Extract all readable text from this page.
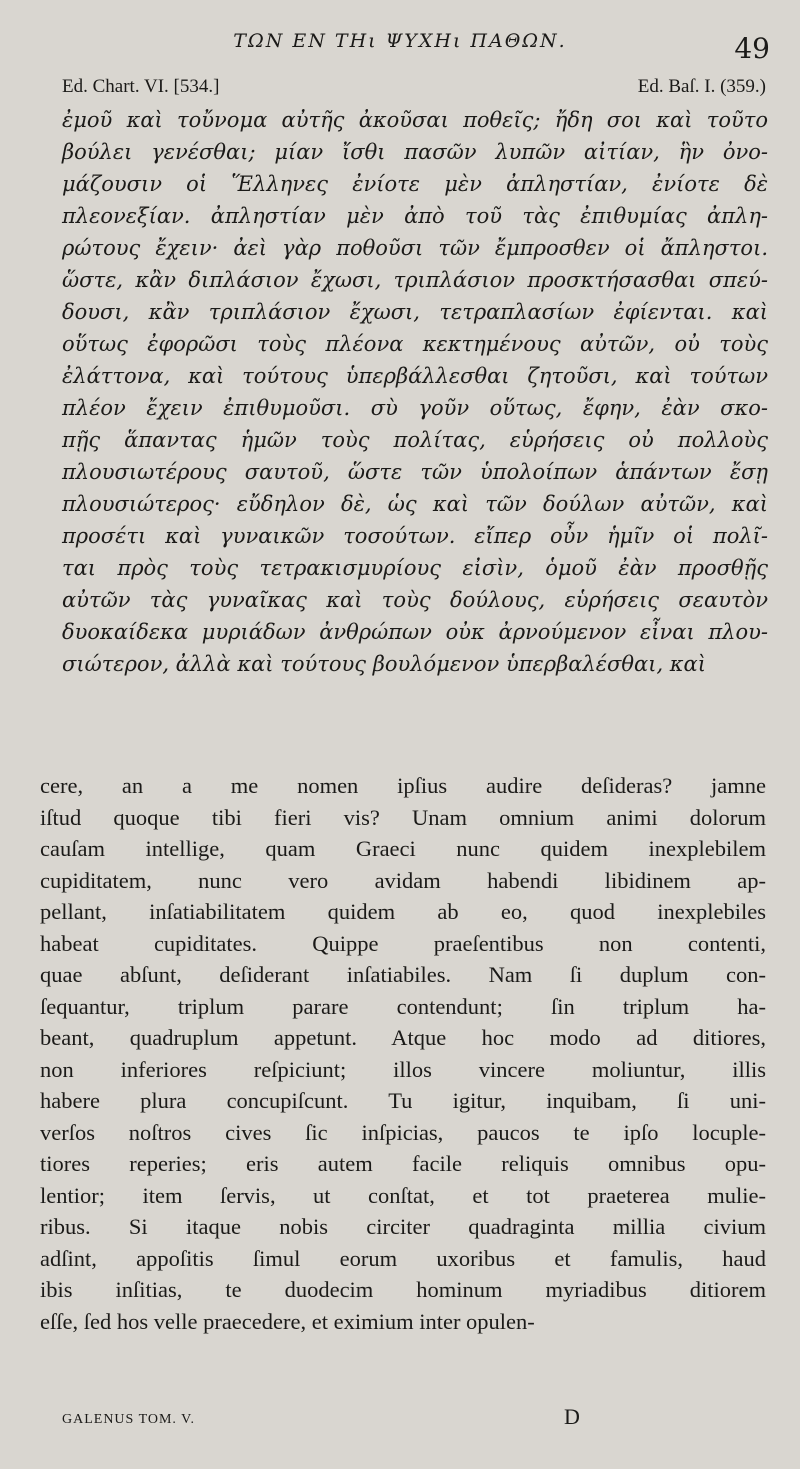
ΤΩΝ ΕΝ ΤΗι ΨΥΧΗι ΠΑΘΩΝ.	49
Ed. Chart. VI. [534.]	Ed. Baſ. I. (359.)
ἐμοῦ καὶ τοὔνομα αὐτῆς ἀκοῦσαι ποθεῖς; ἤδη σοι καὶ τοῦτο
βούλει γενέσθαι; μίαν ἴσθι πασῶν λυπῶν αἰτίαν, ἣν ὀνο-
μάζουσιν οἱ Ἕλληνες ἐνίοτε μὲν ἀπληστίαν, ἐνίοτε δὲ
πλεονεξίαν. ἀπληστίαν μὲν ἀπὸ τοῦ τὰς ἐπιθυμίας ἀπλη-
ρώτους ἔχειν· ἀεὶ γὰρ ποθοῦσι τῶν ἔμπροσθεν οἱ ἄπληστοι.
ὥστε, κἂν διπλάσιον ἔχωσι, τριπλάσιον προσκτήσασθαι σπεύ-
δουσι, κἂν τριπλάσιον ἔχωσι, τετραπλασίων ἐφίενται. καὶ
οὕτως ἐφορῶσι τοὺς πλέονα κεκτημένους αὐτῶν, οὐ τοὺς
ἐλάττονα, καὶ τούτους ὑπερβάλλεσθαι ζητοῦσι, καὶ τούτων
πλέον ἔχειν ἐπιθυμοῦσι. σὺ γοῦν οὕτως, ἔφην, ἐὰν σκο-
πῇς ἅπαντας ἡμῶν τοὺς πολίτας, εὑρήσεις οὐ πολλοὺς
πλουσιωτέρους σαυτοῦ, ὥστε τῶν ὑπολοίπων ἁπάντων ἔσῃ
πλουσιώτερος· εὔδηλον δὲ, ὡς καὶ τῶν δούλων αὐτῶν, καὶ
προσέτι καὶ γυναικῶν τοσούτων. εἴπερ οὖν ἡμῖν οἱ πολῖ-
ται πρὸς τοὺς τετρακισμυρίους εἰσὶν, ὁμοῦ ἐὰν προσθῇς
αὐτῶν τὰς γυναῖκας καὶ τοὺς δούλους, εὑρήσεις σεαυτὸν
δυοκαίδεκα μυριάδων ἀνθρώπων οὐκ ἀρνούμενον εἶναι πλου-
σιώτερον, ἀλλὰ καὶ τούτους βουλόμενον ὑπερβαλέσθαι, καὶ
cere, an a me nomen ipſius audire deſideras? jamne
iſtud quoque tibi fieri vis? Unam omnium animi dolorum
cauſam intellige, quam Graeci nunc quidem inexplebilem
cupiditatem, nunc vero avidam habendi libidinem ap-
pellant, inſatiabilitatem quidem ab eo, quod inexplebiles
habeat cupiditates. Quippe praeſentibus non contenti,
quae abſunt, deſiderant inſatiabiles. Nam ſi duplum con-
ſequantur, triplum parare contendunt; ſin triplum ha-
beant, quadruplum appetunt. Atque hoc modo ad ditiores,
non inferiores reſpiciunt; illos vincere moliuntur, illis
habere plura concupiſcunt. Tu igitur, inquibam, ſi uni-
verſos noſtros cives ſic inſpicias, paucos te ipſo locuple-
tiores reperies; eris autem facile reliquis omnibus opu-
lentior; item ſervis, ut conſtat, et tot praeterea mulie-
ribus. Si itaque nobis circiter quadraginta millia civium
adſint, appoſitis ſimul eorum uxoribus et famulis, haud
ibis inſitias, te duodecim hominum myriadibus ditiorem
eſſe, ſed hos velle praecedere, et eximium inter opulen-
GALENUS TOM. V.	D
